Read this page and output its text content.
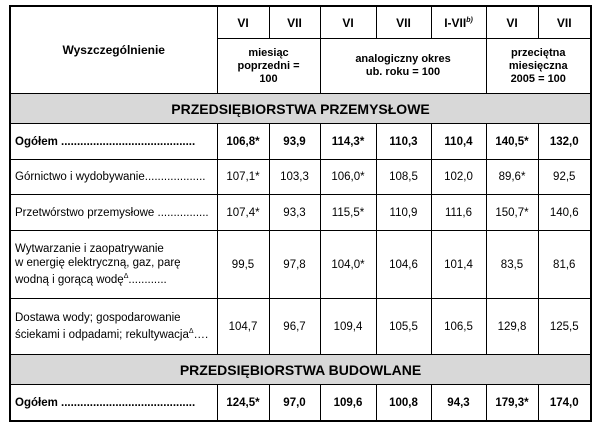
Wyszczególnienie	VI	VII	VI	VII	I-VII$^{b)}$	VI	VII
	miesiąc poprzedni = 100		analogiczny okres ub. roku = 100			przeciętna miesięczna 2005 = 100	
PRZEDSIĘBIORSTWA PRZEMYSŁOWE							
Ogółem ..........................................	106,8*	93,9	114,3*	110,3	110,4	140,5*	132,0
Górnictwo i wydobywanie...................	107,1*	103,3	106,0*	108,5	102,0	89,6*	92,5
Przetwórstwo przemysłowe ................	107,4*	93,3	115,5*	110,9	111,6	150,7*	140,6

Wytwarzanie i zaopatrywanie
w energię elektryczną, gaz, parę
wodną i gorącą wodę$^\Delta$............	99,5	97,8	104,0*	104,6	101,4	83,5	81,6

Dostawa wody; gospodarowanie
ściekami i odpadami; rekultywacja$^\Delta$….	104,7	96,7	109,4	105,5	106,5	129,8	125,5
PRZEDSIĘBIORSTWA BUDOWLANE							
Ogółem ..........................................	124,5*	97,0	109,6	100,8	94,3	179,3*	174,0
